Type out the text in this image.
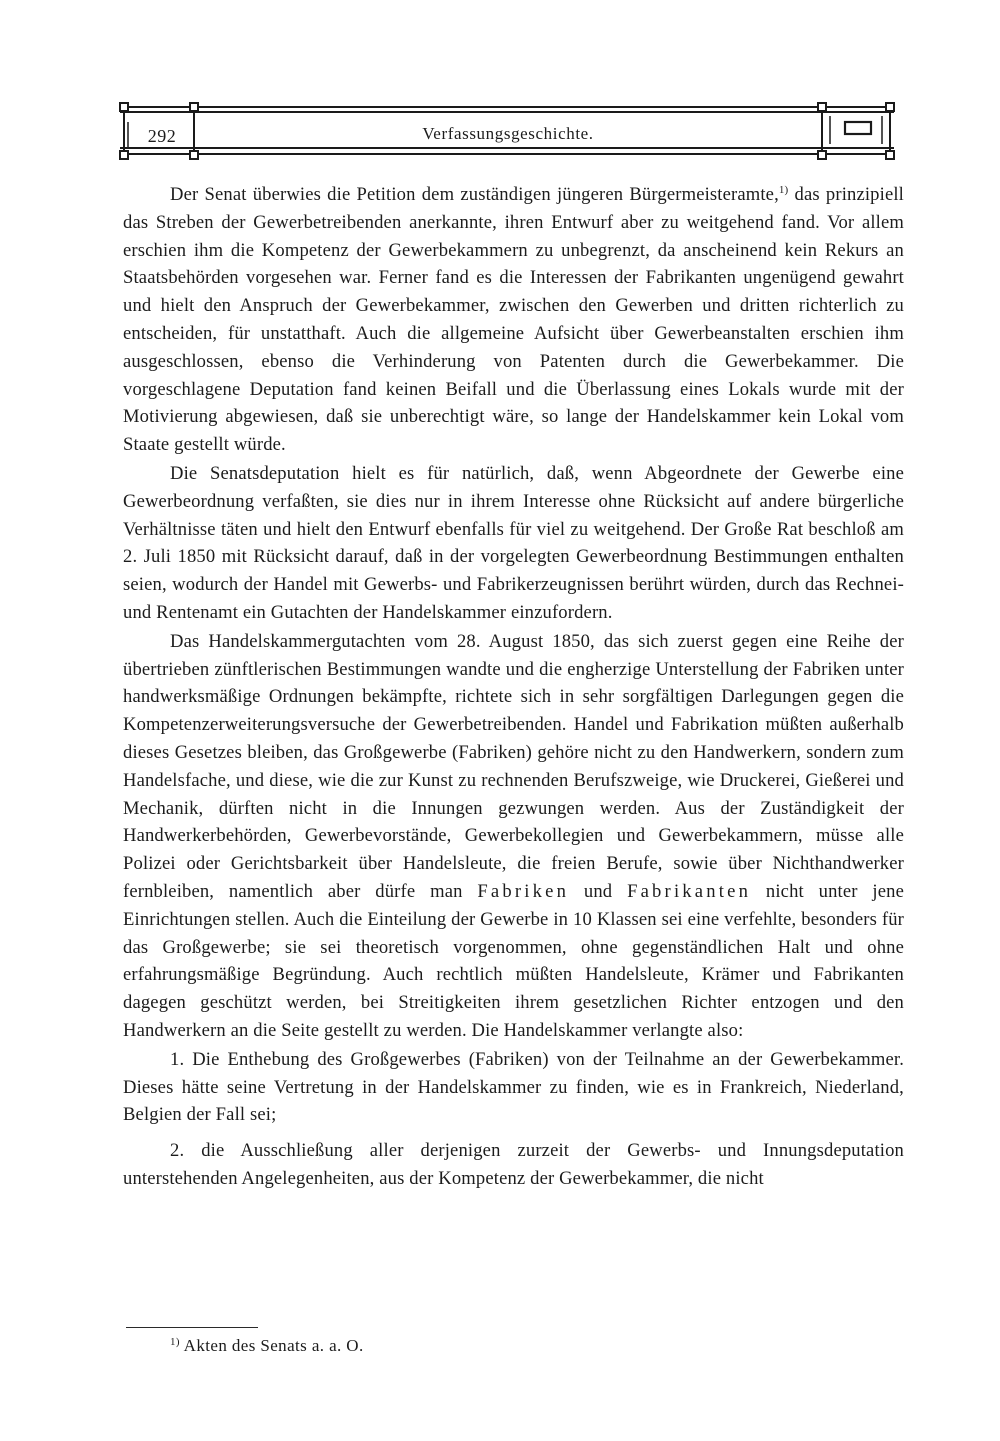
292	Verfassungsgeschichte.

Der Senat überwies die Petition dem zuständigen jüngeren Bürgermeisteramte,$^{1)}$ das prinzipiell das Streben der Gewerbetreibenden anerkannte, ihren Entwurf aber zu weitgehend fand. Vor allem erschien ihm die Kompetenz der Gewerbekammern zu unbegrenzt, da anscheinend kein Rekurs an Staatsbehörden vorgesehen war. Ferner fand es die Interessen der Fabrikanten ungenügend gewahrt und hielt den Anspruch der Gewerbekammer, zwischen den Gewerben und dritten richterlich zu entscheiden, für unstatthaft. Auch die allgemeine Aufsicht über Gewerbeanstalten erschien ihm ausgeschlossen, ebenso die Verhinderung von Patenten durch die Gewerbekammer. Die vorgeschlagene Deputation fand keinen Beifall und die Überlassung eines Lokals wurde mit der Motivierung abgewiesen, daß sie unberechtigt wäre, so lange der Handelskammer kein Lokal vom Staate gestellt würde.

Die Senatsdeputation hielt es für natürlich, daß, wenn Abgeordnete der Gewerbe eine Gewerbeordnung verfaßten, sie dies nur in ihrem Interesse ohne Rücksicht auf andere bürgerliche Verhältnisse täten und hielt den Entwurf ebenfalls für viel zu weitgehend. Der Große Rat beschloß am 2. Juli 1850 mit Rücksicht darauf, daß in der vorgelegten Gewerbeordnung Bestimmungen enthalten seien, wodurch der Handel mit Gewerbs- und Fabrikerzeugnissen berührt würden, durch das Rechnei- und Rentenamt ein Gutachten der Handelskammer einzufordern.

Das Handelskammergutachten vom 28. August 1850, das sich zuerst gegen eine Reihe der übertrieben zünftlerischen Bestimmungen wandte und die engherzige Unterstellung der Fabriken unter handwerksmäßige Ordnungen bekämpfte, richtete sich in sehr sorgfältigen Darlegungen gegen die Kompetenzerweiterungsversuche der Gewerbetreibenden. Handel und Fabrikation müßten außerhalb dieses Gesetzes bleiben, das Großgewerbe (Fabriken) gehöre nicht zu den Handwerkern, sondern zum Handelsfache, und diese, wie die zur Kunst zu rechnenden Berufszweige, wie Druckerei, Gießerei und Mechanik, dürften nicht in die Innungen gezwungen werden. Aus der Zuständigkeit der Handwerkerbehörden, Gewerbevorstände, Gewerbekollegien und Gewerbekammern, müsse alle Polizei oder Gerichtsbarkeit über Handelsleute, die freien Berufe, sowie über Nichthandwerker fernbleiben, namentlich aber dürfe man Fabriken und Fabrikanten nicht unter jene Einrichtungen stellen. Auch die Einteilung der Gewerbe in 10 Klassen sei eine verfehlte, besonders für das Großgewerbe; sie sei theoretisch vorgenommen, ohne gegenständlichen Halt und ohne erfahrungsmäßige Begründung. Auch rechtlich müßten Handelsleute, Krämer und Fabrikanten dagegen geschützt werden, bei Streitigkeiten ihrem gesetzlichen Richter entzogen und den Handwerkern an die Seite gestellt zu werden. Die Handelskammer verlangte also:

1. Die Enthebung des Großgewerbes (Fabriken) von der Teilnahme an der Gewerbekammer. Dieses hätte seine Vertretung in der Handelskammer zu finden, wie es in Frankreich, Niederland, Belgien der Fall sei;

2. die Ausschließung aller derjenigen zurzeit der Gewerbs- und Innungsdeputation unterstehenden Angelegenheiten, aus der Kompetenz der Gewerbekammer, die nicht

$^{1)}$ Akten des Senats a. a. O.
